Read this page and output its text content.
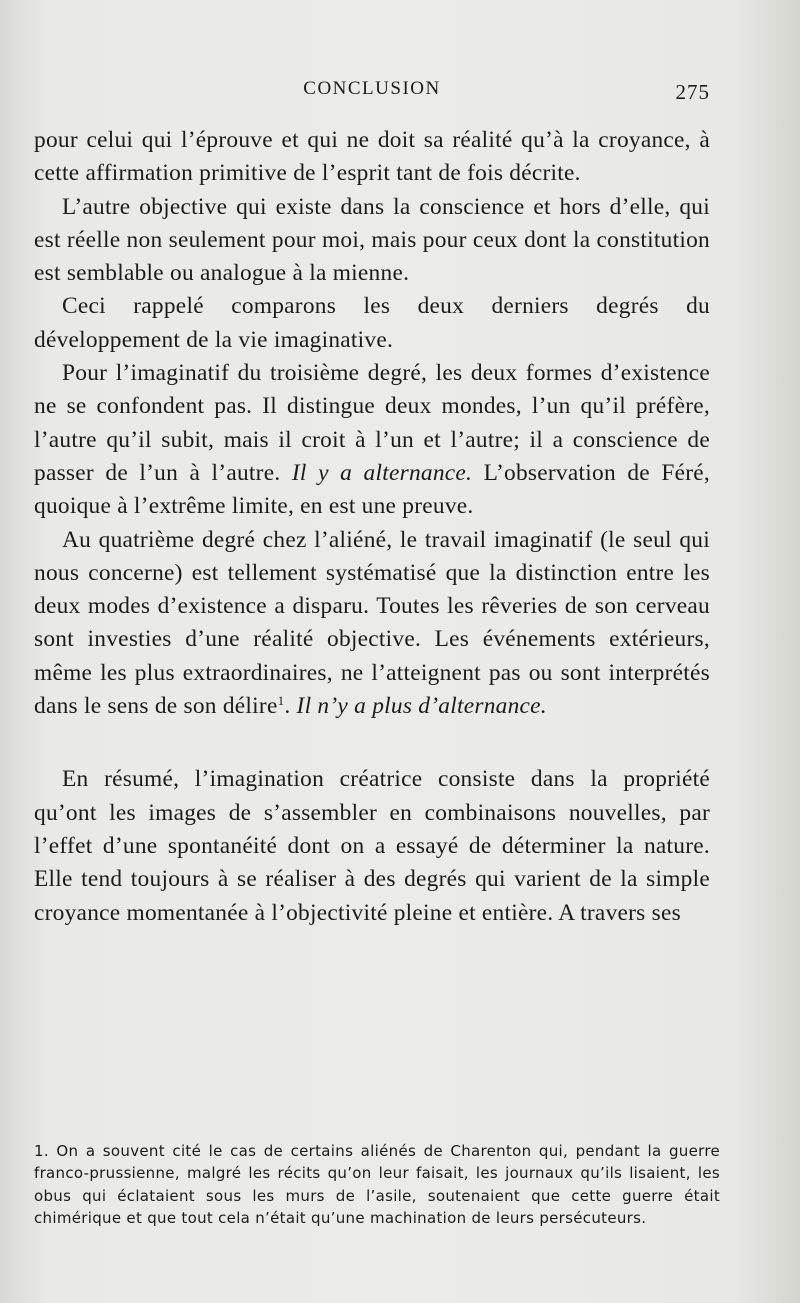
CONCLUSION	275

pour celui qui l’éprouve et qui ne doit sa réalité qu’à la croyance, à cette affirmation primitive de l’esprit tant de fois décrite.

L’autre objective qui existe dans la conscience et hors d’elle, qui est réelle non seulement pour moi, mais pour ceux dont la constitution est semblable ou analogue à la mienne.

Ceci rappelé comparons les deux derniers degrés du développement de la vie imaginative.

Pour l’imaginatif du troisième degré, les deux formes d’existence ne se confondent pas. Il distingue deux mondes, l’un qu’il préfère, l’autre qu’il subit, mais il croit à l’un et l’autre; il a conscience de passer de l’un à l’autre. Il y a alternance. L’observation de Féré, quoique à l’extrême limite, en est une preuve.

Au quatrième degré chez l’aliéné, le travail imaginatif (le seul qui nous concerne) est tellement systématisé que la distinction entre les deux modes d’existence a disparu. Toutes les rêveries de son cerveau sont investies d’une réalité objective. Les événements extérieurs, même les plus extraordinaires, ne l’atteignent pas ou sont interprétés dans le sens de son délire$^1$. Il n’y a plus d’alternance.

En résumé, l’imagination créatrice consiste dans la propriété qu’ont les images de s’assembler en combinaisons nouvelles, par l’effet d’une spontanéité dont on a essayé de déterminer la nature. Elle tend toujours à se réaliser à des degrés qui varient de la simple croyance momentanée à l’objectivité pleine et entière. A travers ses

1. On a souvent cité le cas de certains aliénés de Charenton qui, pendant la guerre franco-prussienne, malgré les récits qu’on leur faisait, les journaux qu’ils lisaient, les obus qui éclataient sous les murs de l’asile, soutenaient que cette guerre était chimérique et que tout cela n’était qu’une machination de leurs persécuteurs.
